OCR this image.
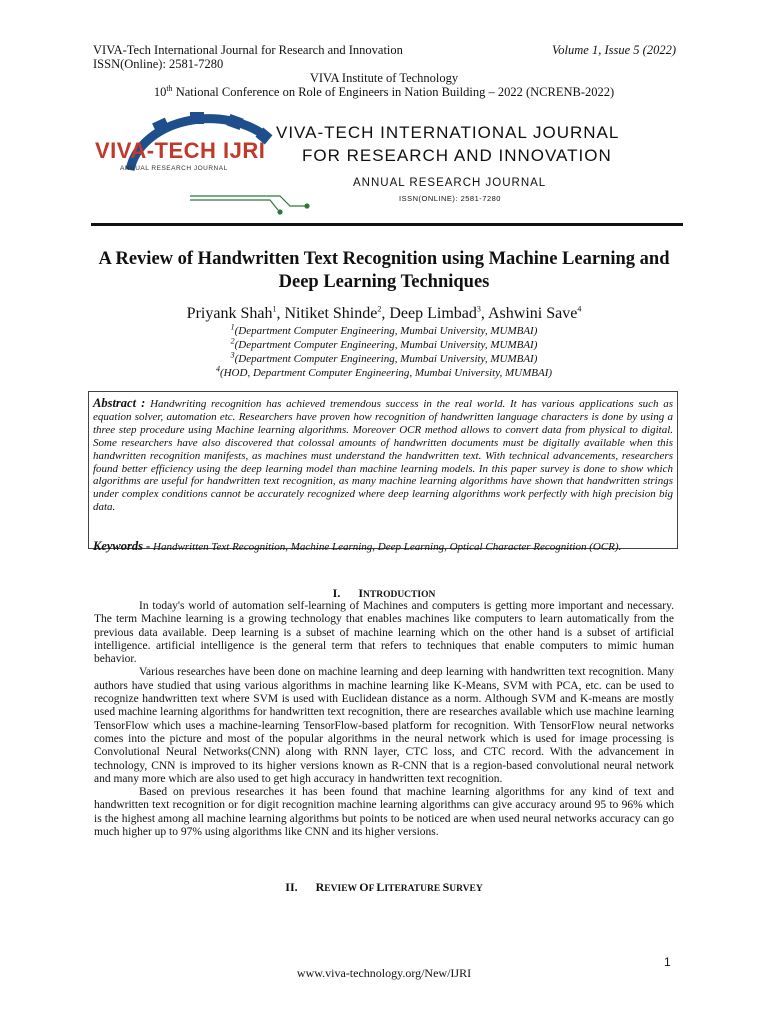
VIVA-Tech International Journal for Research and Innovation	Volume 1, Issue 5 (2022)
ISSN(Online): 2581-7280
VIVA Institute of Technology
10th National Conference on Role of Engineers in Nation Building – 2022 (NCRENB-2022)
VIVA-TECH IJRI
ANNUAL RESEARCH JOURNAL
VIVA-TECH INTERNATIONAL JOURNAL
FOR RESEARCH AND INNOVATION
ANNUAL RESEARCH JOURNAL
ISSN(ONLINE): 2581-7280
A Review of Handwritten Text Recognition using Machine Learning and Deep Learning Techniques
Priyank Shah$^1$, Nitiket Shinde$^2$, Deep Limbad$^3$, Ashwini Save$^4$
$^1$(Department Computer Engineering, Mumbai University, MUMBAI)
$^2$(Department Computer Engineering, Mumbai University, MUMBAI)
$^3$(Department Computer Engineering, Mumbai University, MUMBAI)
$^4$(HOD, Department Computer Engineering, Mumbai University, MUMBAI)
Abstract : Handwriting recognition has achieved tremendous success in the real world. It has various applications such as equation solver, automation etc. Researchers have proven how recognition of handwritten language characters is done by using a three step procedure using Machine learning algorithms. Moreover OCR method allows to convert data from physical to digital. Some researchers have also discovered that colossal amounts of handwritten documents must be digitally available when this handwritten recognition manifests, as machines must understand the handwritten text. With technical advancements, researchers found better efficiency using the deep learning model than machine learning models. In this paper survey is done to show which algorithms are useful for handwritten text recognition, as many machine learning algorithms have shown that handwritten strings under complex conditions cannot be accurately recognized where deep learning algorithms work perfectly with high precision big data.
Keywords - Handwritten Text Recognition, Machine Learning, Deep Learning, Optical Character Recognition (OCR).
I. INTRODUCTION

In today's world of automation self-learning of Machines and computers is getting more important and necessary. The term Machine learning is a growing technology that enables machines like computers to learn automatically from the previous data available. Deep learning is a subset of machine learning which on the other hand is a subset of artificial intelligence. artificial intelligence is the general term that refers to techniques that enable computers to mimic human behavior.

Various researches have been done on machine learning and deep learning with handwritten text recognition. Many authors have studied that using various algorithms in machine learning like K-Means, SVM with PCA, etc. can be used to recognize handwritten text where SVM is used with Euclidean distance as a norm. Although SVM and K-means are mostly used machine learning algorithms for handwritten text recognition, there are researches available which use machine learning TensorFlow which uses a machine-learning TensorFlow-based platform for recognition. With TensorFlow neural networks comes into the picture and most of the popular algorithms in the neural network which is used for image processing is Convolutional Neural Networks(CNN) along with RNN layer, CTC loss, and CTC record. With the advancement in technology, CNN is improved to its higher versions known as R-CNN that is a region-based convolutional neural network and many more which are also used to get high accuracy in handwritten text recognition.

Based on previous researches it has been found that machine learning algorithms for any kind of text and handwritten text recognition or for digit recognition machine learning algorithms can give accuracy around 95 to 96% which is the highest among all machine learning algorithms but points to be noticed are when used neural networks accuracy can go much higher up to 97% using algorithms like CNN and its higher versions.

II. REVIEW OF LITERATURE SURVEY
1
www.viva-technology.org/New/IJRI
